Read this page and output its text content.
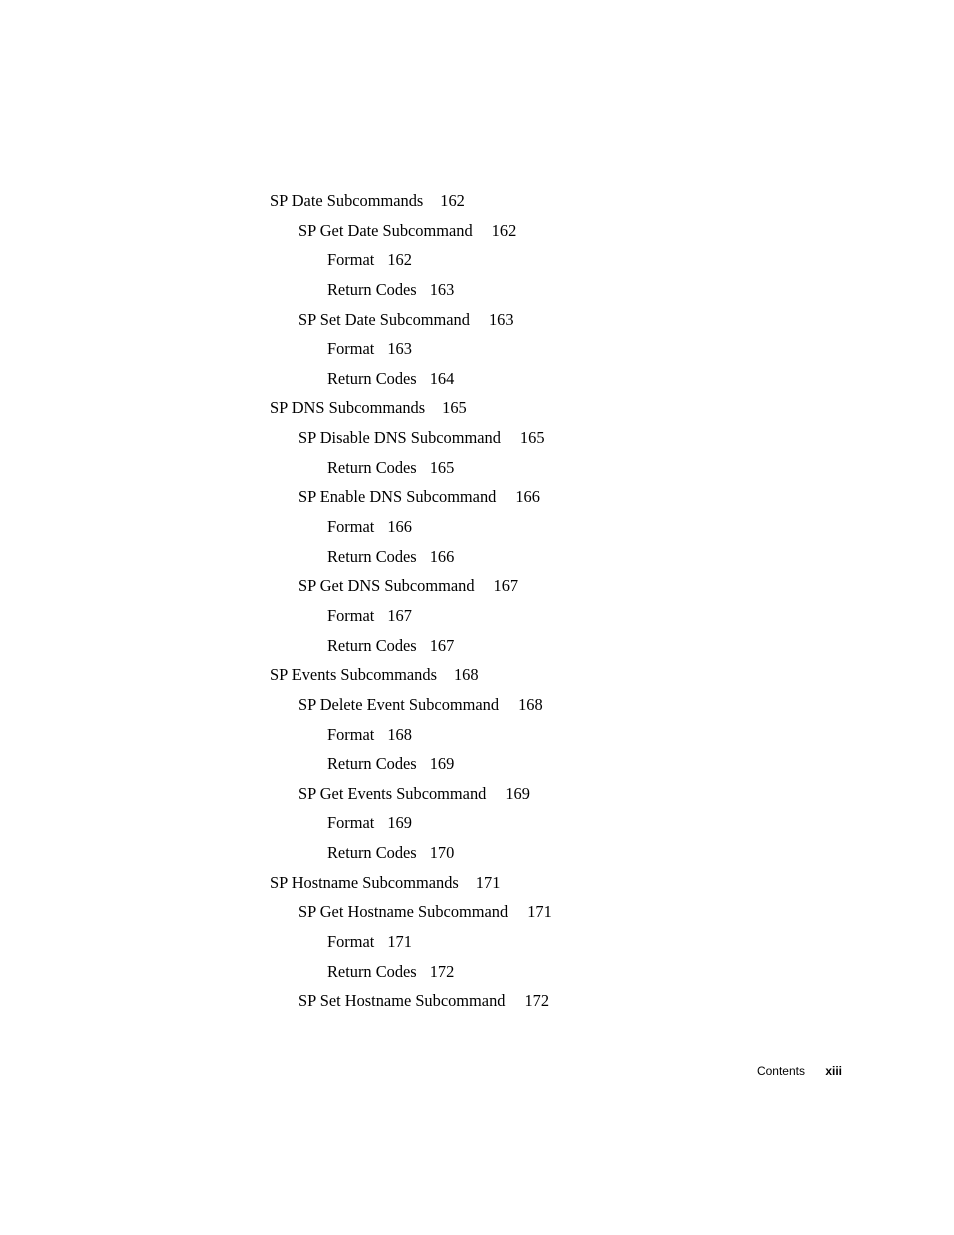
SP Date Subcommands 162
SP Get Date Subcommand 162
Format 162
Return Codes 163
SP Set Date Subcommand 163
Format 163
Return Codes 164
SP DNS Subcommands 165
SP Disable DNS Subcommand 165
Return Codes 165
SP Enable DNS Subcommand 166
Format 166
Return Codes 166
SP Get DNS Subcommand 167
Format 167
Return Codes 167
SP Events Subcommands 168
SP Delete Event Subcommand 168
Format 168
Return Codes 169
SP Get Events Subcommand 169
Format 169
Return Codes 170
SP Hostname Subcommands 171
SP Get Hostname Subcommand 171
Format 171
Return Codes 172
SP Set Hostname Subcommand 172
Contents xiii
